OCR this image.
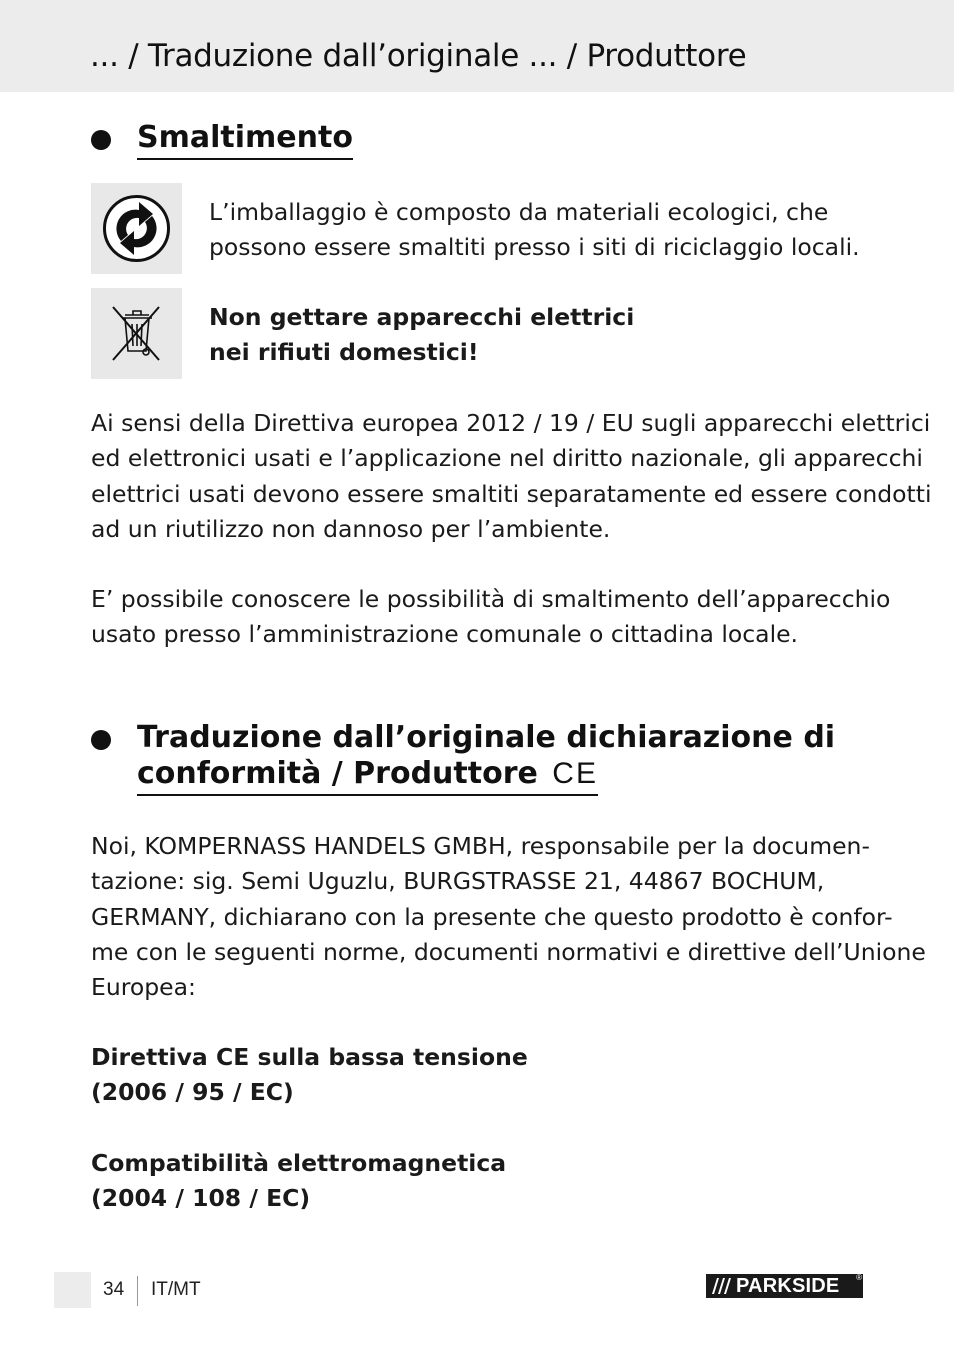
... / Traduzione dall’originale ... / Produttore
Smaltimento
L’imballaggio è composto da materiali ecologici, che
possono essere smaltiti presso i siti di riciclaggio locali.
Non gettare apparecchi elettrici
nei rifiuti domestici!
Ai sensi della Direttiva europea 2012 / 19 / EU sugli apparecchi elettrici
ed elettronici usati e l’applicazione nel diritto nazionale, gli apparecchi
elettrici usati devono essere smaltiti separatamente ed essere condotti
ad un riutilizzo non dannoso per l’ambiente.
E’ possibile conoscere le possibilità di smaltimento dell’apparecchio
usato presso l’amministrazione comunale o cittadina locale.
Traduzione dall’originale dichiarazione di
conformità / Produttore CE
Noi, KOMPERNASS HANDELS GMBH, responsabile per la documen-
tazione: sig. Semi Uguzlu, BURGSTRASSE 21, 44867 BOCHUM,
GERMANY, dichiarano con la presente che questo prodotto è confor-
me con le seguenti norme, documenti normativi e direttive dell’Unione
Europea:
Direttiva CE sulla bassa tensione
(2006 / 95 / EC)
Compatibilità elettromagnetica
(2004 / 108 / EC)
34 IT/MT	PARKSIDE ®
